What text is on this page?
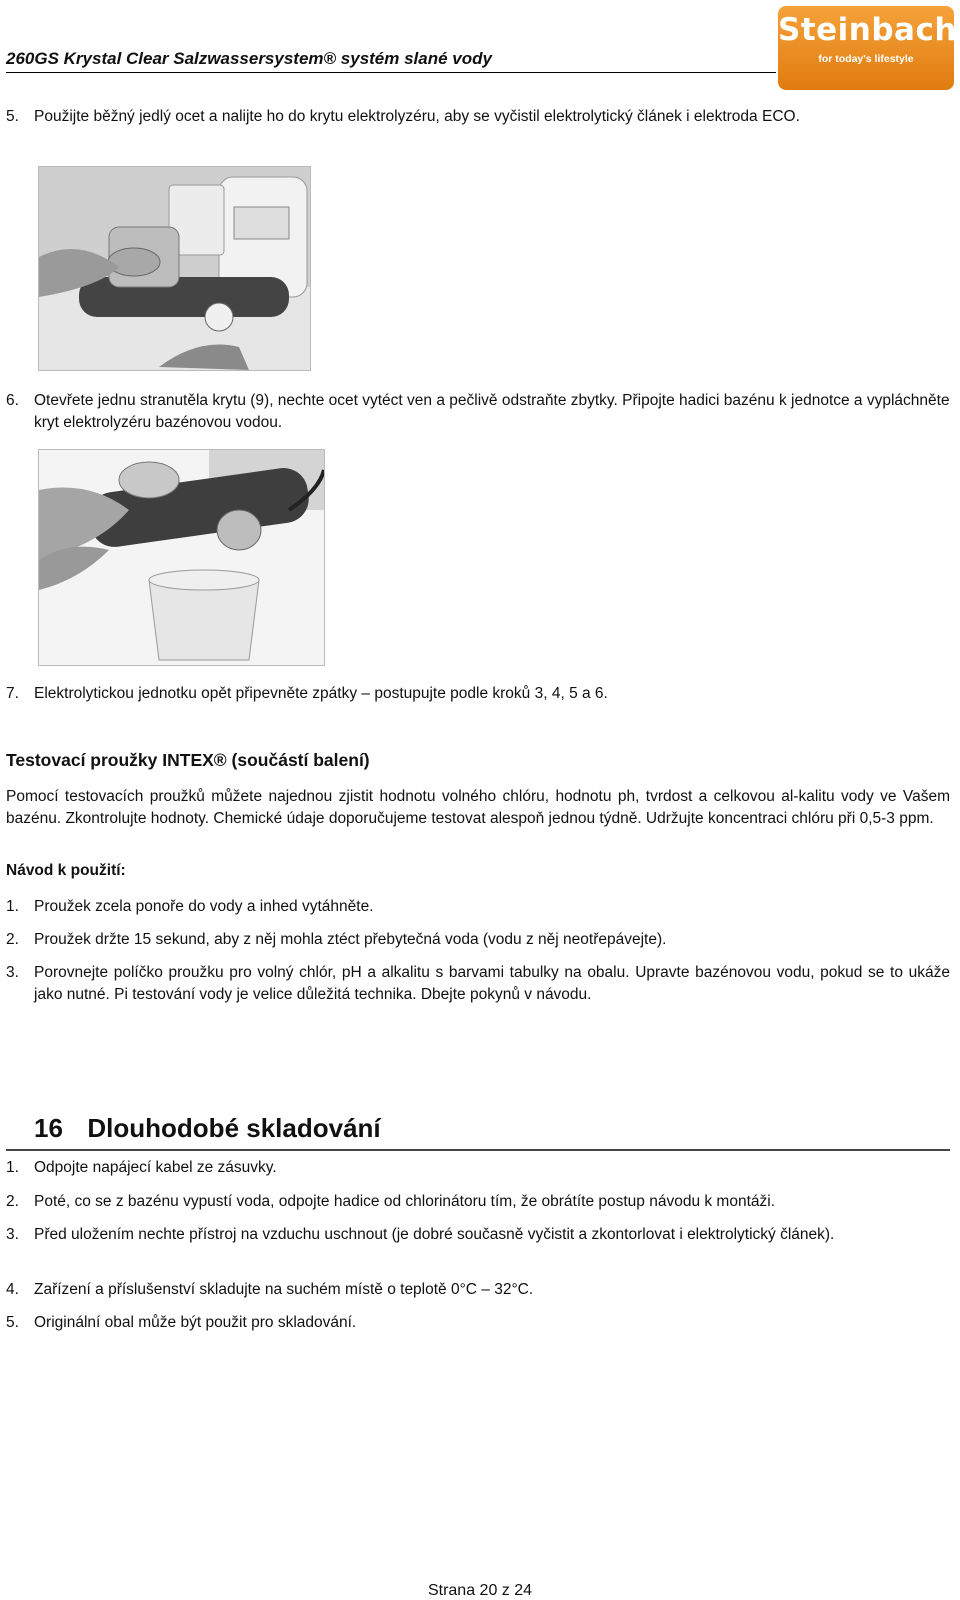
260GS Krystal Clear Salzwassersystem® systém slané vody
Steinbach
for today's lifestyle
5. Použijte běžný jedlý ocet a nalijte ho do krytu elektrolyzéru, aby se vyčistil elektrolytický článek i elektroda ECO.
6. Otevřete jednu stranutěla krytu (9), nechte ocet vytéct ven a pečlivě odstraňte zbytky. Připojte hadici bazénu k jednotce a vypláchněte kryt elektrolyzéru bazénovou vodou.
7. Elektrolytickou jednotku opět připevněte zpátky – postupujte podle kroků 3, 4, 5 a 6.
Testovací proužky INTEX® (součástí balení)
Pomocí testovacích proužků můžete najednou zjistit hodnotu volného chlóru, hodnotu ph, tvrdost a celkovou al-kalitu vody ve Vašem bazénu. Zkontrolujte hodnoty. Chemické údaje doporučujeme testovat alespoň jednou týdně. Udržujte koncentraci chlóru při 0,5-3 ppm.
Návod k použití:
1. Proužek zcela ponoře do vody a inhed vytáhněte.
2. Proužek držte 15 sekund, aby z něj mohla ztéct přebytečná voda (vodu z něj neotřepávejte).
3. Porovnejte políčko proužku pro volný chlór, pH a alkalitu s barvami tabulky na obalu. Upravte bazénovou vodu, pokud se to ukáže jako nutné. Pi testování vody je velice důležitá technika. Dbejte pokynů v návodu.
16 Dlouhodobé skladování
1. Odpojte napájecí kabel ze zásuvky.
2. Poté, co se z bazénu vypustí voda, odpojte hadice od chlorinátoru tím, že obrátíte postup návodu k montáži.
3. Před uložením nechte přístroj na vzduchu uschnout (je dobré současně vyčistit a zkontorlovat i elektrolytický článek).
4. Zařízení a příslušenství skladujte na suchém místě o teplotě 0°C – 32°C.
5. Originální obal může být použit pro skladování.
Strana 20 z 24
